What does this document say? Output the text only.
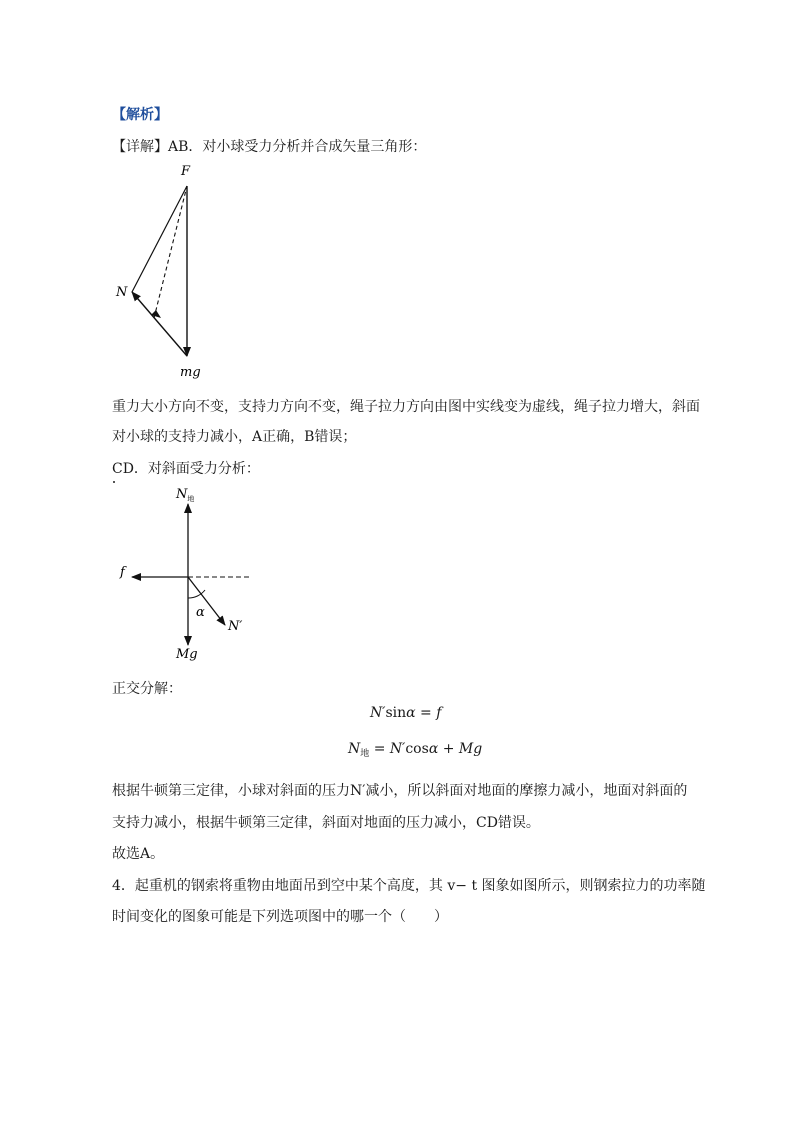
【解析】
【详解】AB．对小球受力分析并合成矢量三角形：
F
N
mg
重力大小方向不变，支持力方向不变，绳子拉力方向由图中实线变为虚线，绳子拉力增大，斜面
对小球的支持力减小，A正确，B错误；
CD．对斜面受力分析：
$N_地$
f
α
N′
Mg
正交分解：
N′sinα = f
$N_地 = N'\cos\alpha + Mg$
根据牛顿第三定律，小球对斜面的压力N′减小，所以斜面对地面的摩擦力减小，地面对斜面的
支持力减小，根据牛顿第三定律，斜面对地面的压力减小，CD错误。
故选A。
4．起重机的钢索将重物由地面吊到空中某个高度，其 v− t 图象如图所示，则钢索拉力的功率随
时间变化的图象可能是下列选项图中的哪一个（　　）
